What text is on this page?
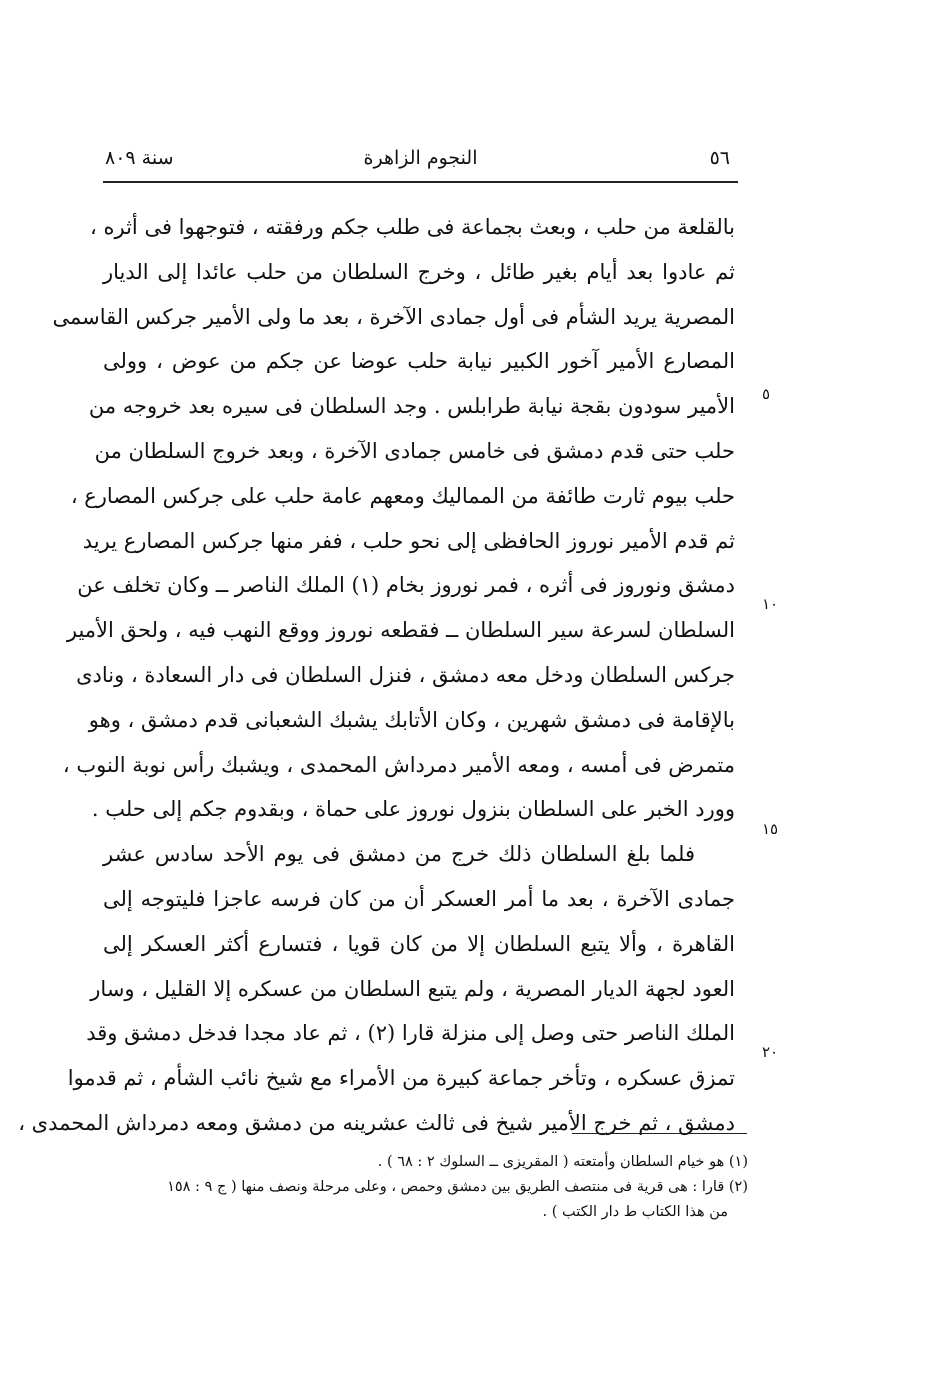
٥٦
النجوم الزاهرة
سنة ٨٠٩
بالقلعة من حلب ، وبعث بجماعة فى طلب جكم ورفقته ، فتوجهوا فى أثره ،
ثم عادوا بعد أيام بغير طائل ، وخرج السلطان من حلب عائدا إلى الديار
المصرية يريد الشأم فى أول جمادى الآخرة ، بعد ما ولى الأمير جركس القاسمى
المصارع الأمير آخور الكبير نيابة حلب عوضا عن جكم من عوض ، وولى
الأمير سودون بقجة نيابة طرابلس . وجد السلطان فى سيره بعد خروجه من
حلب حتى قدم دمشق فى خامس جمادى الآخرة ، وبعد خروج السلطان من
حلب بيوم ثارت طائفة من المماليك ومعهم عامة حلب على جركس المصارع ،
ثم قدم الأمير نوروز الحافظى إلى نحو حلب ، ففر منها جركس المصارع يريد
دمشق ونوروز فى أثره ، فمر نوروز بخام (١) الملك الناصر ــ وكان تخلف عن
السلطان لسرعة سير السلطان ــ فقطعه نوروز ووقع النهب فيه ، ولحق الأمير
جركس السلطان ودخل معه دمشق ، فنزل السلطان فى دار السعادة ، ونادى
بالإقامة فى دمشق شهرين ، وكان الأتابك يشبك الشعبانى قدم دمشق ، وهو
متمرض فى أمسه ، ومعه الأمير دمرداش المحمدى ، ويشبك رأس نوبة النوب ،
وورد الخبر على السلطان بنزول نوروز على حماة ، وبقدوم جكم إلى حلب .
فلما بلغ السلطان ذلك خرج من دمشق فى يوم الأحد سادس عشر
جمادى الآخرة ، بعد ما أمر العسكر أن من كان فرسه عاجزا فليتوجه إلى
القاهرة ، وألا يتبع السلطان إلا من كان قويا ، فتسارع أكثر العسكر إلى
العود لجهة الديار المصرية ، ولم يتبع السلطان من عسكره إلا القليل ، وسار
الملك الناصر حتى وصل إلى منزلة قارا (٢) ، ثم عاد مجدا فدخل دمشق وقد
تمزق عسكره ، وتأخر جماعة كبيرة من الأمراء مع شيخ نائب الشأم ، ثم قدموا
دمشق ، ثم خرج الأمير شيخ فى ثالث عشرينه من دمشق ومعه دمرداش المحمدى ،
٥
١٠
١٥
٢٠
(١) هو خيام السلطان وأمتعته ( المقريزى ــ السلوك ٢ : ٦٨ ) .
(٢) قارا : هى قرية فى منتصف الطريق بين دمشق وحمص ، وعلى مرحلة ونصف منها ( ج ٩ : ١٥٨
من هذا الكتاب ط دار الكتب ) .
